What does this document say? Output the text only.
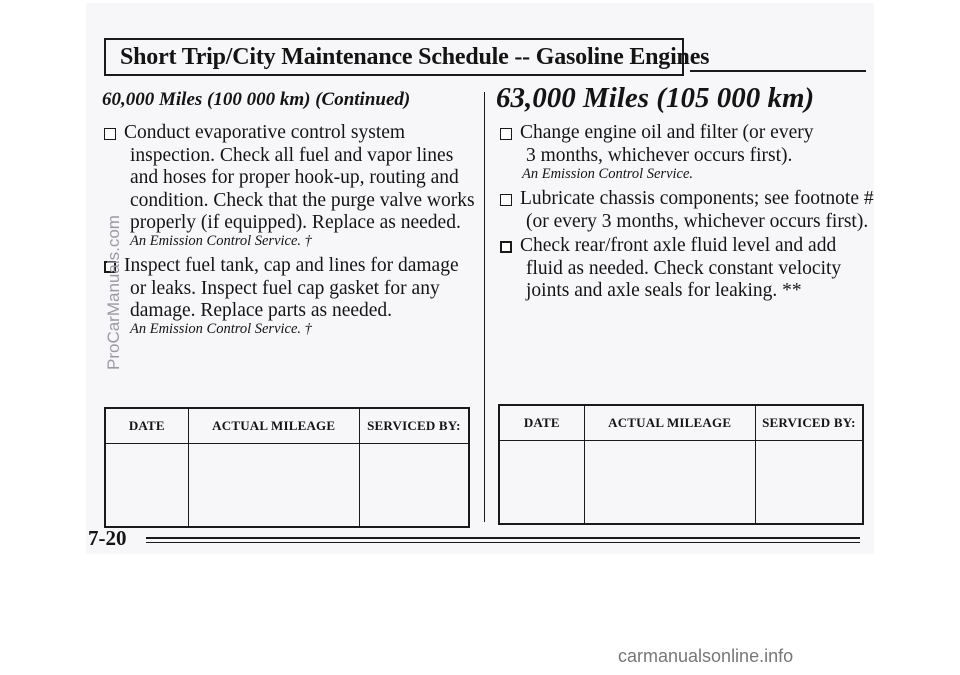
Short Trip/City Maintenance Schedule -- Gasoline Engines
60,000 Miles (100 000 km) (Continued)
Conduct evaporative control system
inspection. Check all fuel and vapor lines
and hoses for proper hook-up, routing and
condition. Check that the purge valve works
properly (if equipped). Replace as needed.
An Emission Control Service. †
Inspect fuel tank, cap and lines for damage
or leaks. Inspect fuel cap gasket for any
damage. Replace parts as needed.
An Emission Control Service. †
DATE	ACTUAL MILEAGE	SERVICED BY:

63,000 Miles (105 000 km)
Change engine oil and filter (or every
3 months, whichever occurs first).
An Emission Control Service.
Lubricate chassis components; see footnote #
(or every 3 months, whichever occurs first).
Check rear/front axle fluid level and add
fluid as needed. Check constant velocity
joints and axle seals for leaking. **
DATE	ACTUAL MILEAGE	SERVICED BY:

7-20
ProCarManuals.com
carmanualsonline.info
